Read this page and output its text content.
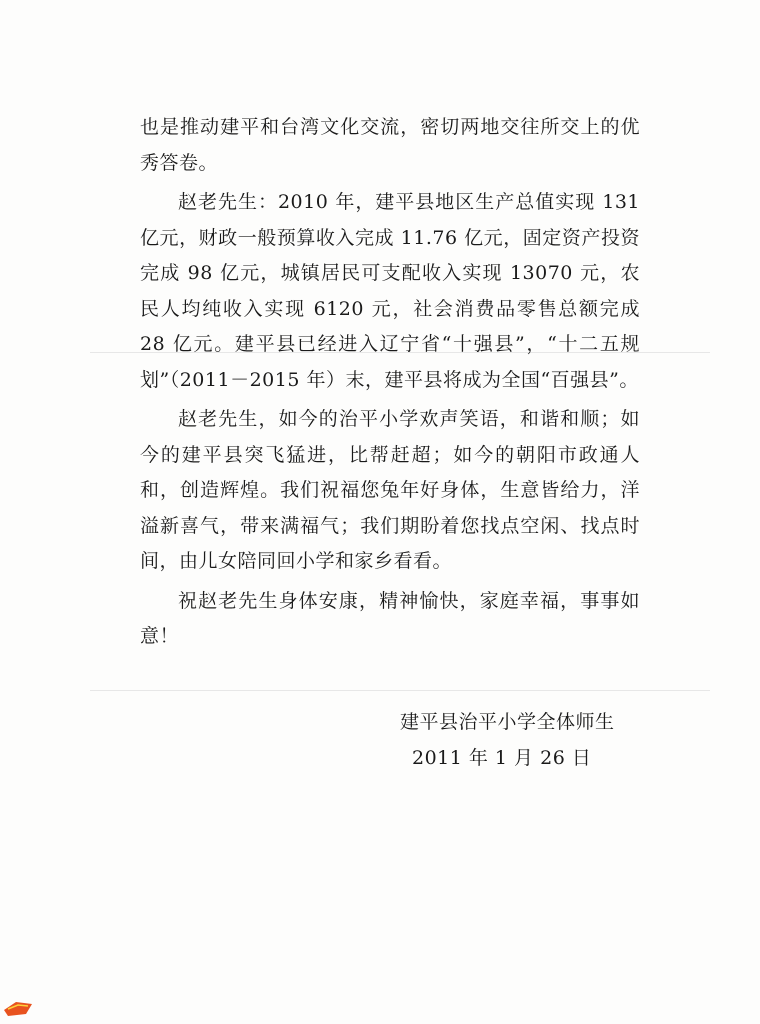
也是推动建平和台湾文化交流，密切两地交往所交上的优秀答卷。

赵老先生：2010 年，建平县地区生产总值实现 131 亿元，财政一般预算收入完成 11.76 亿元，固定资产投资完成 98 亿元，城镇居民可支配收入实现 13070 元，农民人均纯收入实现 6120 元，社会消费品零售总额完成 28 亿元。建平县已经进入辽宁省“十强县”，“十二五规划”（2011－2015 年）末，建平县将成为全国“百强县”。

赵老先生，如今的治平小学欢声笑语，和谐和顺；如今的建平县突飞猛进，比帮赶超；如今的朝阳市政通人和，创造辉煌。我们祝福您兔年好身体，生意皆给力，洋溢新喜气，带来满福气；我们期盼着您找点空闲、找点时间，由儿女陪同回小学和家乡看看。

祝赵老先生身体安康，精神愉快，家庭幸福，事事如意！

建平县治平小学全体师生
2011 年 1 月 26 日
